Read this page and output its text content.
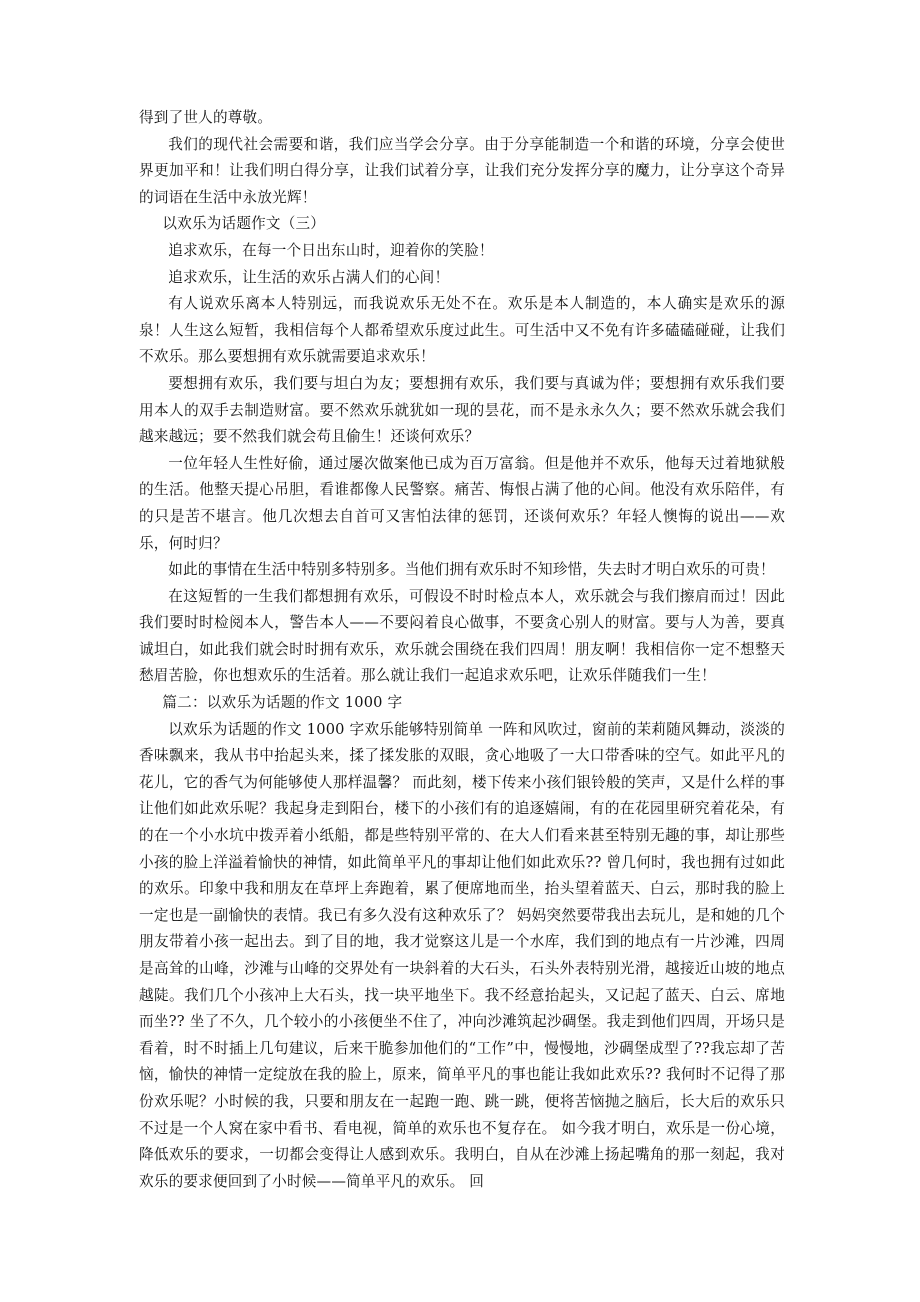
得到了世人的尊敬。

我们的现代社会需要和谐，我们应当学会分享。由于分享能制造一个和谐的环境，分享会使世界更加平和！让我们明白得分享，让我们试着分享，让我们充分发挥分享的魔力，让分享这个奇异的词语在生活中永放光辉！

以欢乐为话题作文（三）

追求欢乐，在每一个日出东山时，迎着你的笑脸！

追求欢乐，让生活的欢乐占满人们的心间！

有人说欢乐离本人特别远，而我说欢乐无处不在。欢乐是本人制造的，本人确实是欢乐的源泉！人生这么短暂，我相信每个人都希望欢乐度过此生。可生活中又不免有许多磕磕碰碰，让我们不欢乐。那么要想拥有欢乐就需要追求欢乐！

要想拥有欢乐，我们要与坦白为友；要想拥有欢乐，我们要与真诚为伴；要想拥有欢乐我们要用本人的双手去制造财富。要不然欢乐就犹如一现的昙花，而不是永永久久；要不然欢乐就会我们越来越远；要不然我们就会苟且偷生！还谈何欢乐？

一位年轻人生性好偷，通过屡次做案他已成为百万富翁。但是他并不欢乐，他每天过着地狱般的生活。他整天提心吊胆，看谁都像人民警察。痛苦、悔恨占满了他的心间。他没有欢乐陪伴，有的只是苦不堪言。他几次想去自首可又害怕法律的惩罚，还谈何欢乐？年轻人懊悔的说出——欢乐，何时归？

如此的事情在生活中特别多特别多。当他们拥有欢乐时不知珍惜，失去时才明白欢乐的可贵！

在这短暂的一生我们都想拥有欢乐，可假设不时时检点本人，欢乐就会与我们擦肩而过！因此我们要时时检阅本人，警告本人——不要闷着良心做事，不要贪心别人的财富。要与人为善，要真诚坦白，如此我们就会时时拥有欢乐，欢乐就会围绕在我们四周！朋友啊！我相信你一定不想整天愁眉苦脸，你也想欢乐的生活着。那么就让我们一起追求欢乐吧，让欢乐伴随我们一生！

篇二：以欢乐为话题的作文 1000 字

以欢乐为话题的作文 1000 字欢乐能够特别简单 一阵和风吹过，窗前的茉莉随风舞动，淡淡的香味飘来，我从书中抬起头来，揉了揉发胀的双眼，贪心地吸了一大口带香味的空气。如此平凡的花儿，它的香气为何能够使人那样温馨？ 而此刻，楼下传来小孩们银铃般的笑声，又是什么样的事让他们如此欢乐呢？我起身走到阳台，楼下的小孩们有的追逐嬉闹，有的在花园里研究着花朵，有的在一个小水坑中拨弄着小纸船，都是些特别平常的、在大人们看来甚至特别无趣的事，却让那些小孩的脸上洋溢着愉快的神情，如此简单平凡的事却让他们如此欢乐?? 曾几何时，我也拥有过如此的欢乐。印象中我和朋友在草坪上奔跑着，累了便席地而坐，抬头望着蓝天、白云，那时我的脸上一定也是一副愉快的表情。我已有多久没有这种欢乐了？ 妈妈突然要带我出去玩儿，是和她的几个朋友带着小孩一起出去。到了目的地，我才觉察这儿是一个水库，我们到的地点有一片沙滩，四周是高耸的山峰，沙滩与山峰的交界处有一块斜着的大石头，石头外表特别光滑，越接近山坡的地点越陡。我们几个小孩冲上大石头，找一块平地坐下。我不经意抬起头，又记起了蓝天、白云、席地而坐?? 坐了不久，几个较小的小孩便坐不住了，冲向沙滩筑起沙碉堡。我走到他们四周，开场只是看着，时不时插上几句建议，后来干脆参加他们的“工作”中，慢慢地，沙碉堡成型了??我忘却了苦恼，愉快的神情一定绽放在我的脸上，原来，简单平凡的事也能让我如此欢乐?? 我何时不记得了那份欢乐呢？小时候的我，只要和朋友在一起跑一跑、跳一跳，便将苦恼抛之脑后，长大后的欢乐只不过是一个人窝在家中看书、看电视，简单的欢乐也不复存在。 如今我才明白，欢乐是一份心境，降低欢乐的要求，一切都会变得让人感到欢乐。我明白，自从在沙滩上扬起嘴角的那一刻起，我对欢乐的要求便回到了小时候——简单平凡的欢乐。 回
